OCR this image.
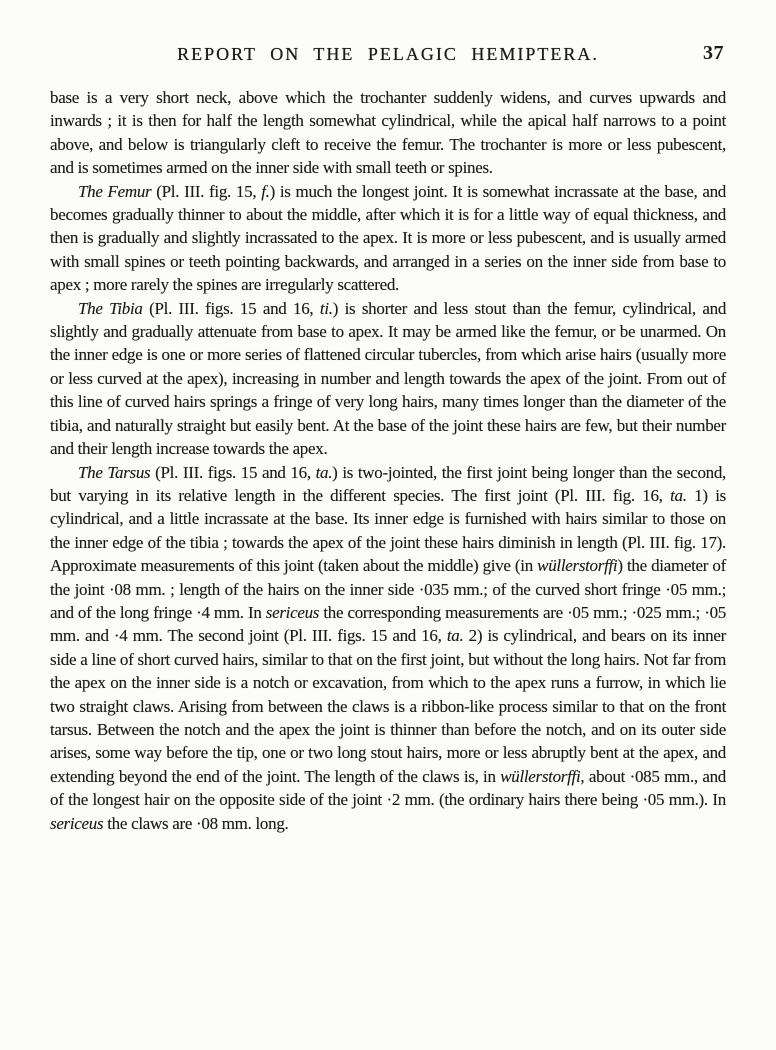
REPORT ON THE PELAGIC HEMIPTERA.	37

base is a very short neck, above which the trochanter suddenly widens, and curves upwards and inwards ; it is then for half the length somewhat cylindrical, while the apical half narrows to a point above, and below is triangularly cleft to receive the femur. The trochanter is more or less pubescent, and is sometimes armed on the inner side with small teeth or spines.

The Femur (Pl. III. fig. 15, f.) is much the longest joint. It is somewhat incrassate at the base, and becomes gradually thinner to about the middle, after which it is for a little way of equal thickness, and then is gradually and slightly incrassated to the apex. It is more or less pubescent, and is usually armed with small spines or teeth pointing backwards, and arranged in a series on the inner side from base to apex ; more rarely the spines are irregularly scattered.

The Tibia (Pl. III. figs. 15 and 16, ti.) is shorter and less stout than the femur, cylindrical, and slightly and gradually attenuate from base to apex. It may be armed like the femur, or be unarmed. On the inner edge is one or more series of flattened circular tubercles, from which arise hairs (usually more or less curved at the apex), increasing in number and length towards the apex of the joint. From out of this line of curved hairs springs a fringe of very long hairs, many times longer than the diameter of the tibia, and naturally straight but easily bent. At the base of the joint these hairs are few, but their number and their length increase towards the apex.

The Tarsus (Pl. III. figs. 15 and 16, ta.) is two-jointed, the first joint being longer than the second, but varying in its relative length in the different species. The first joint (Pl. III. fig. 16, ta. 1) is cylindrical, and a little incrassate at the base. Its inner edge is furnished with hairs similar to those on the inner edge of the tibia ; towards the apex of the joint these hairs diminish in length (Pl. III. fig. 17). Approximate measurements of this joint (taken about the middle) give (in wüllerstorffi) the diameter of the joint ·08 mm. ; length of the hairs on the inner side ·035 mm.; of the curved short fringe ·05 mm.; and of the long fringe ·4 mm. In sericeus the corresponding measurements are ·05 mm.; ·025 mm.; ·05 mm. and ·4 mm. The second joint (Pl. III. figs. 15 and 16, ta. 2) is cylindrical, and bears on its inner side a line of short curved hairs, similar to that on the first joint, but without the long hairs. Not far from the apex on the inner side is a notch or excavation, from which to the apex runs a furrow, in which lie two straight claws. Arising from between the claws is a ribbon-like process similar to that on the front tarsus. Between the notch and the apex the joint is thinner than before the notch, and on its outer side arises, some way before the tip, one or two long stout hairs, more or less abruptly bent at the apex, and extending beyond the end of the joint. The length of the claws is, in wüllerstorffi, about ·085 mm., and of the longest hair on the opposite side of the joint ·2 mm. (the ordinary hairs there being ·05 mm.). In sericeus the claws are ·08 mm. long.
